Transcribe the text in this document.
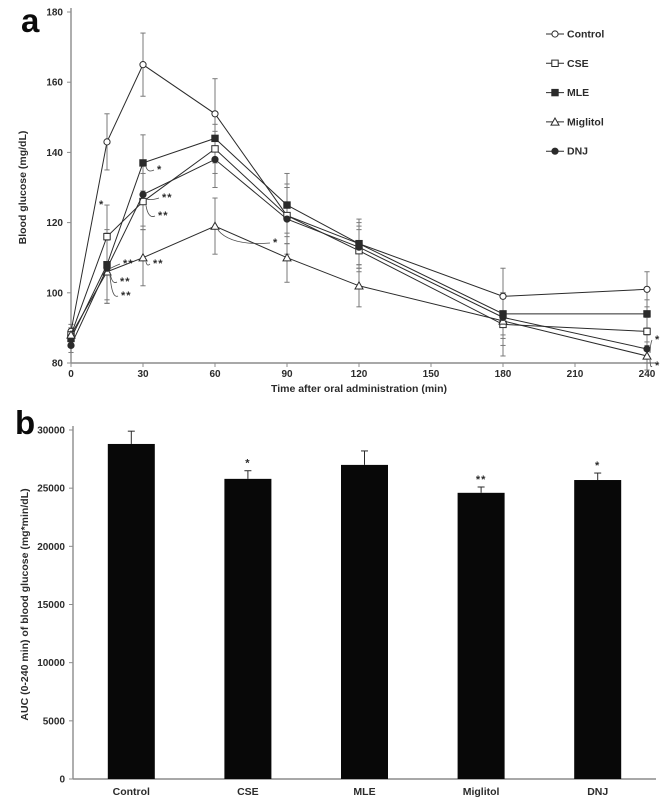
a
80
100
120
140
160
180
0	30	60	90	120	150	180	210	240
Time after oral administration (min)
Blood glucose (mg/dL)
Control
CSE
MLE
Miglitol
DNJ
*
**
**
**
*
**
**
**
*
*
*
b
0
5000
10000
15000
20000
25000
30000
AUC (0-240 min) of blood glucose (mg*min/dL)
Control	CSE	MLE	Miglitol	DNJ
*
**
*
